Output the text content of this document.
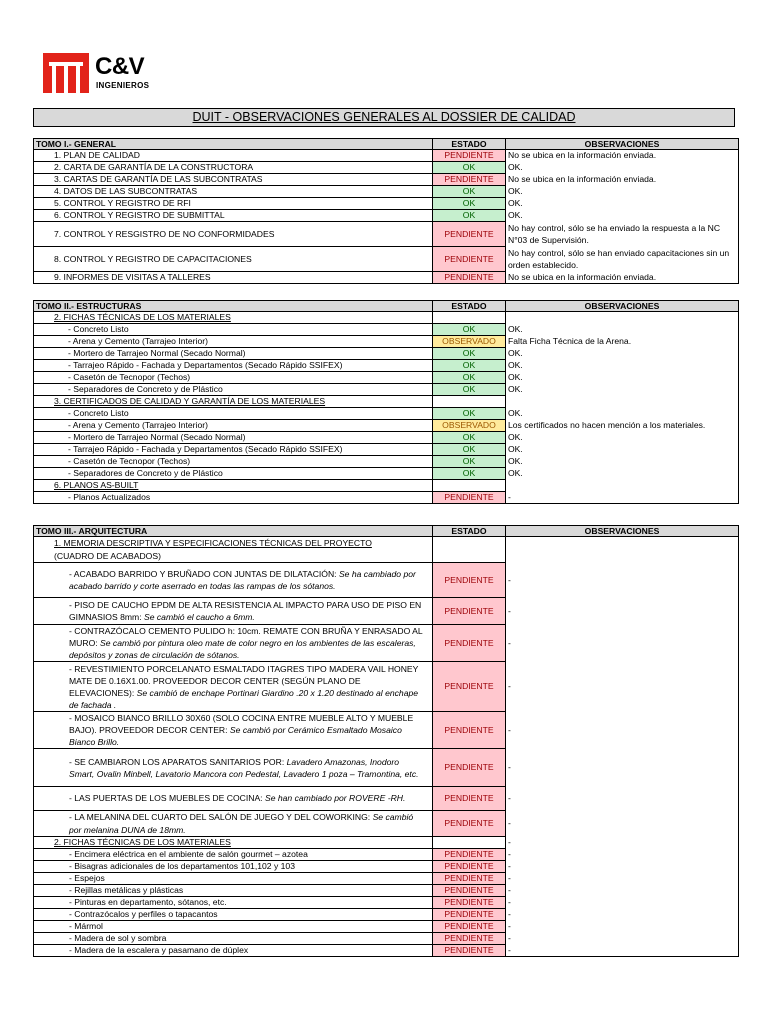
C&V
INGENIEROS
DUIT - OBSERVACIONES GENERALES AL DOSSIER DE CALIDAD
TOMO I.- GENERAL	ESTADO	OBSERVACIONES
1. PLAN DE CALIDAD	PENDIENTE	No se ubica en la información enviada.
2. CARTA DE GARANTÍA DE LA CONSTRUCTORA	OK	OK.
3. CARTAS DE GARANTÍA DE LAS SUBCONTRATAS	PENDIENTE	No se ubica en la información enviada.
4. DATOS DE LAS SUBCONTRATAS	OK	OK.
5. CONTROL Y REGISTRO DE RFI	OK	OK.
6. CONTROL Y REGISTRO DE SUBMITTAL	OK	OK.
7. CONTROL Y RESGISTRO DE NO CONFORMIDADES	PENDIENTE	No hay control, sólo se ha enviado la respuesta a la NC N°03 de Supervisión.
8. CONTROL Y REGISTRO DE CAPACITACIONES	PENDIENTE	No hay control, sólo se han enviado capacitaciones sin un orden establecido.
9. INFORMES DE VISITAS A TALLERES	PENDIENTE	No se ubica en la información enviada.
TOMO II.- ESTRUCTURAS	ESTADO	OBSERVACIONES
2. FICHAS TÉCNICAS DE LOS MATERIALES		
- Concreto Listo	OK	OK.
- Arena y Cemento (Tarrajeo Interior)	OBSERVADO	Falta Ficha Técnica de la Arena.
- Mortero de Tarrajeo Normal (Secado Normal)	OK	OK.
- Tarrajeo Rápido - Fachada y Departamentos (Secado Rápido SSIFEX)	OK	OK.
- Casetón de Tecnopor (Techos)	OK	OK.
- Separadores de Concreto y de Plástico	OK	OK.
3. CERTIFICADOS DE CALIDAD Y GARANTÍA DE LOS MATERIALES		
- Concreto Listo	OK	OK.
- Arena y Cemento (Tarrajeo Interior)	OBSERVADO	Los certificados no hacen mención a los materiales.
- Mortero de Tarrajeo Normal (Secado Normal)	OK	OK.
- Tarrajeo Rápido - Fachada y Departamentos (Secado Rápido SSIFEX)	OK	OK.
- Casetón de Tecnopor (Techos)	OK	OK.
- Separadores de Concreto y de Plástico	OK	OK.
6. PLANOS AS-BUILT		
- Planos Actualizados	PENDIENTE	-
TOMO III.- ARQUITECTURA	ESTADO	OBSERVACIONES
1. MEMORIA DESCRIPTIVA Y ESPECIFICACIONES TÉCNICAS DEL PROYECTO
(CUADRO DE ACABADOS)		
- ACABADO BARRIDO Y BRUÑADO CON JUNTAS DE DILATACIÓN: Se ha cambiado por acabado barrido y corte aserrado en todas las rampas de los sótanos.	PENDIENTE	-
- PISO DE CAUCHO EPDM DE ALTA RESISTENCIA AL IMPACTO PARA USO DE PISO EN GIMNASIOS 8mm: Se cambió el caucho a 6mm.	PENDIENTE	-
- CONTRAZÓCALO CEMENTO PULIDO h: 10cm. REMATE CON BRUÑA Y ENRASADO AL MURO: Se cambió por pintura oleo mate de color negro en los ambientes de las escaleras, depósitos y zonas de circulación de sótanos.	PENDIENTE	-
- REVESTIMIENTO PORCELANATO ESMALTADO ITAGRES TIPO MADERA VAIL HONEY MATE DE 0.16X1.00. PROVEEDOR DECOR CENTER (SEGÚN PLANO DE ELEVACIONES): Se cambió de enchape Portinari Giardino .20 x 1.20 destinado al enchape de fachada .	PENDIENTE	-
- MOSAICO BIANCO BRILLO 30X60 (SOLO COCINA ENTRE MUEBLE ALTO Y MUEBLE BAJO). PROVEEDOR DECOR CENTER: Se cambió por Cerámico Esmaltado Mosaico Bianco Brillo.	PENDIENTE	-
- SE CAMBIARON LOS APARATOS SANITARIOS POR: Lavadero Amazonas, Inodoro Smart, Ovalin Minbell, Lavatorio Mancora con Pedestal, Lavadero 1 poza – Tramontina, etc.	PENDIENTE	-
- LAS PUERTAS DE LOS MUEBLES DE COCINA: Se han cambiado por ROVERE -RH.	PENDIENTE	-
- LA MELANINA DEL CUARTO DEL SALÓN DE JUEGO Y DEL COWORKING: Se cambió por melanina DUNA de 18mm.	PENDIENTE	-
2. FICHAS TÉCNICAS DE LOS MATERIALES		-
- Encimera eléctrica en el ambiente de salón gourmet – azotea	PENDIENTE	-
- Bisagras adicionales de los departamentos 101,102 y 103	PENDIENTE	-
- Espejos	PENDIENTE	-
- Rejillas metálicas y plásticas	PENDIENTE	-
- Pinturas en departamento, sótanos, etc.	PENDIENTE	-
- Contrazócalos y perfiles o tapacantos	PENDIENTE	-
- Mármol	PENDIENTE	-
- Madera de sol y sombra	PENDIENTE	-
- Madera de la escalera y pasamano de dúplex	PENDIENTE	-
